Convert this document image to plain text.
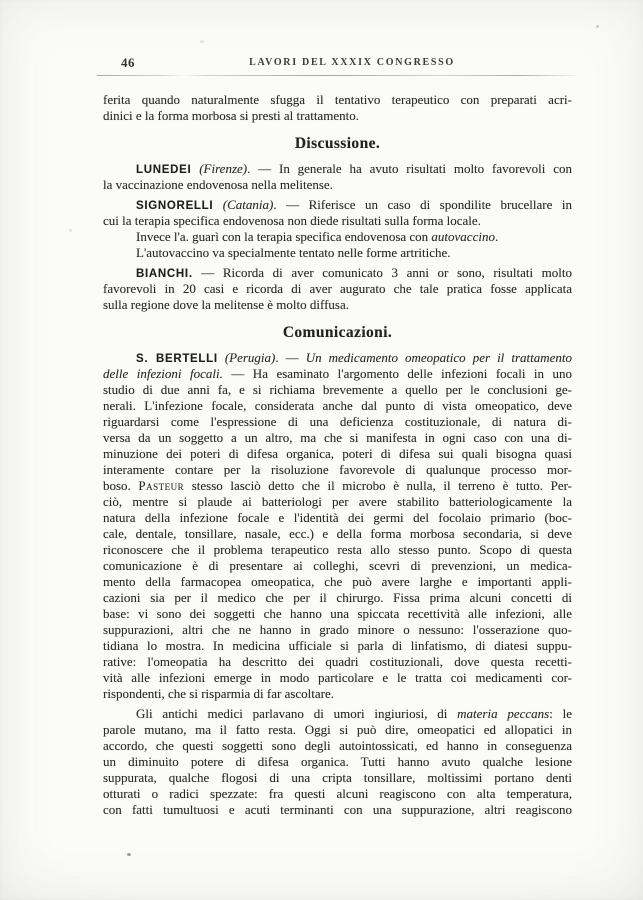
46	LAVORI DEL XXXIX CONGRESSO

ferita quando naturalmente sfugga il tentativo terapeutico con preparati acri-
dinici e la forma morbosa si presti al trattamento.

Discussione.

LUNEDEI (Firenze). — In generale ha avuto risultati molto favorevoli con
la vaccinazione endovenosa nella melitense.

SIGNORELLI (Catania). — Riferisce un caso di spondilite brucellare in
cui la terapia specifica endovenosa non diede risultati sulla forma locale.

Invece l'a. guarì con la terapia specifica endovenosa con autovaccino.

L'autovaccino va specialmente tentato nelle forme artritiche.

BIANCHI. — Ricorda di aver comunicato 3 anni or sono, risultati molto
favorevoli in 20 casi e ricorda di aver augurato che tale pratica fosse applicata
sulla regione dove la melitense è molto diffusa.

Comunicazioni.

S. BERTELLI (Perugia). — Un medicamento omeopatico per il trattamento
delle infezioni focali. — Ha esaminato l'argomento delle infezioni focali in uno
studio di due anni fa, e si richiama brevemente a quello per le conclusioni ge-
nerali. L'infezione focale, considerata anche dal punto di vista omeopatico, deve
riguardarsi come l'espressione di una deficienza costituzionale, di natura di-
versa da un soggetto a un altro, ma che si manifesta in ogni caso con una di-
minuzione dei poteri di difesa organica, poteri di difesa sui quali bisogna quasi
interamente contare per la risoluzione favorevole di qualunque processo mor-
boso. Pasteur stesso lasciò detto che il microbo è nulla, il terreno è tutto. Per-
ciò, mentre si plaude ai batteriologi per avere stabilito batteriologicamente la
natura della infezione focale e l'identità dei germi del focolaio primario (boc-
cale, dentale, tonsillare, nasale, ecc.) e della forma morbosa secondaria, si deve
riconoscere che il problema terapeutico resta allo stesso punto. Scopo di questa
comunicazione è di presentare ai colleghi, scevri di prevenzioni, un medica-
mento della farmacopea omeopatica, che può avere larghe e importanti appli-
cazioni sia per il medico che per il chirurgo. Fissa prima alcuni concetti di
base: vi sono dei soggetti che hanno una spiccata recettività alle infezioni, alle
suppurazioni, altri che ne hanno in grado minore o nessuno: l'osserazione quo-
tidiana lo mostra. In medicina ufficiale si parla di linfatismo, di diatesi suppu-
rative: l'omeopatia ha descritto dei quadri costituzionali, dove questa recetti-
vità alle infezioni emerge in modo particolare e le tratta coi medicamenti cor-
rispondenti, che si risparmia di far ascoltare.

Gli antichi medici parlavano di umori ingiuriosi, di materia peccans: le
parole mutano, ma il fatto resta. Oggi si può dire, omeopatici ed allopatici in
accordo, che questi soggetti sono degli autointossicati, ed hanno in conseguenza
un diminuito potere di difesa organica. Tutti hanno avuto qualche lesione
suppurata, qualche flogosi di una cripta tonsillare, moltissimi portano denti
otturati o radici spezzate: fra questi alcuni reagiscono con alta temperatura,
con fatti tumultuosi e acuti terminanti con una suppurazione, altri reagiscono
